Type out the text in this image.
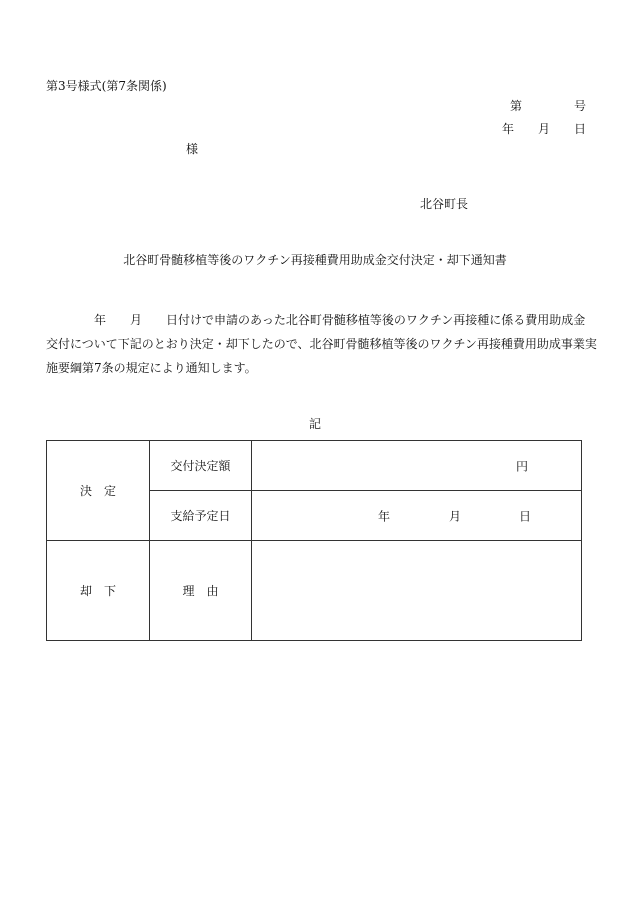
第3号様式(第7条関係)
第	号
年 月 日
様
北谷町長
北谷町骨髄移植等後のワクチン再接種費用助成金交付決定・却下通知書
年　　月　　日付けで申請のあった北谷町骨髄移植等後のワクチン再接種に係る費用助成金
交付について下記のとおり決定・却下したので、北谷町骨髄移植等後のワクチン再接種費用助成事業実
施要綱第7条の規定により通知します。
記
決　定	交付決定額	円

	支給予定日	年 月 日

却　下	理　由	
